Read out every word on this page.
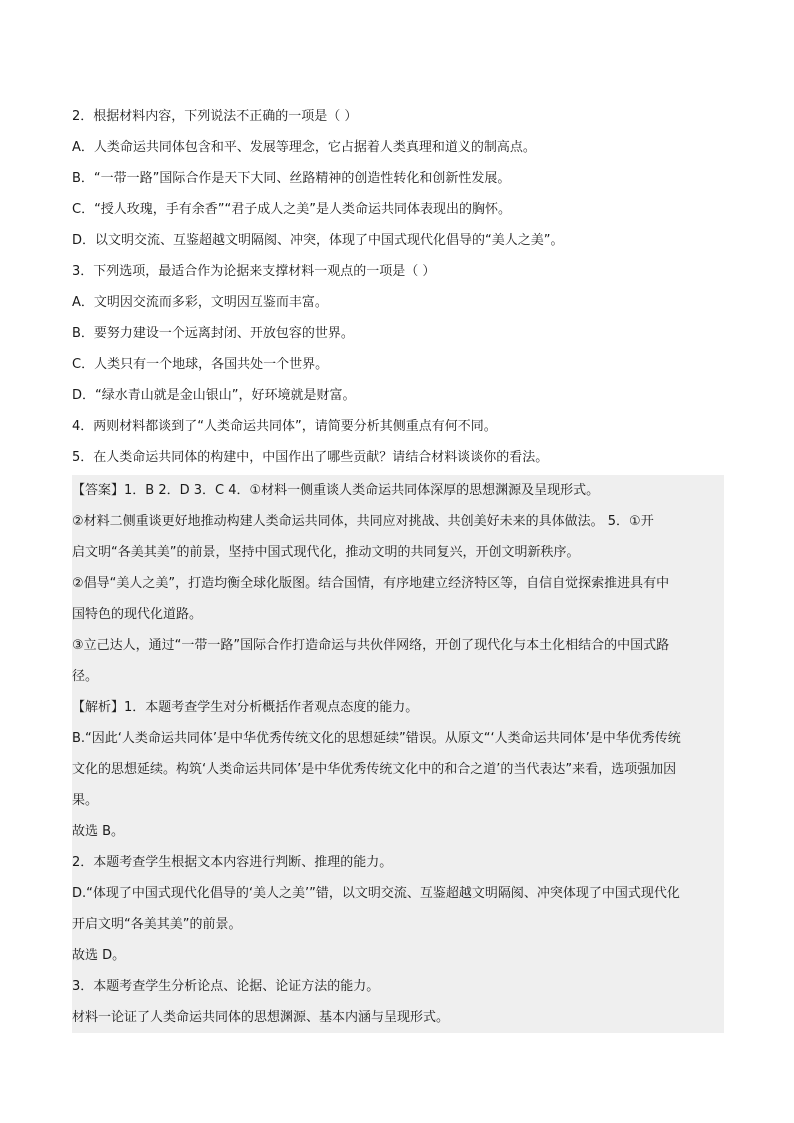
2．根据材料内容，下列说法不正确的一项是（ ）
A．人类命运共同体包含和平、发展等理念，它占据着人类真理和道义的制高点。
B．“一带一路”国际合作是天下大同、丝路精神的创造性转化和创新性发展。
C．“授人玫瑰，手有余香”“君子成人之美”是人类命运共同体表现出的胸怀。
D．以文明交流、互鉴超越文明隔阂、冲突，体现了中国式现代化倡导的“美人之美”。
3．下列选项，最适合作为论据来支撑材料一观点的一项是（ ）
A．文明因交流而多彩，文明因互鉴而丰富。
B．要努力建设一个远离封闭、开放包容的世界。
C．人类只有一个地球，各国共处一个世界。
D．“绿水青山就是金山银山”，好环境就是财富。
4．两则材料都谈到了“人类命运共同体”，请简要分析其侧重点有何不同。
5．在人类命运共同体的构建中，中国作出了哪些贡献？请结合材料谈谈你的看法。
【答案】1．B 2．D 3．C 4．①材料一侧重谈人类命运共同体深厚的思想渊源及呈现形式。
②材料二侧重谈更好地推动构建人类命运共同体，共同应对挑战、共创美好未来的具体做法。 5．①开
启文明“各美其美”的前景，坚持中国式现代化，推动文明的共同复兴，开创文明新秩序。
②倡导“美人之美”，打造均衡全球化版图。结合国情，有序地建立经济特区等，自信自觉探索推进具有中
国特色的现代化道路。
③立己达人，通过“一带一路”国际合作打造命运与共伙伴网络，开创了现代化与本土化相结合的中国式路
径。
【解析】1．本题考查学生对分析概括作者观点态度的能力。
B.“因此‘人类命运共同体’是中华优秀传统文化的思想延续”错误。从原文“‘人类命运共同体’是中华优秀传统
文化的思想延续。构筑‘人类命运共同体’是中华优秀传统文化中的和合之道’的当代表达”来看，选项强加因
果。
故选 B。
2．本题考查学生根据文本内容进行判断、推理的能力。
D.“体现了中国式现代化倡导的‘美人之美’”错，以文明交流、互鉴超越文明隔阂、冲突体现了中国式现代化
开启文明“各美其美”的前景。
故选 D。
3．本题考查学生分析论点、论据、论证方法的能力。
材料一论证了人类命运共同体的思想渊源、基本内涵与呈现形式。
